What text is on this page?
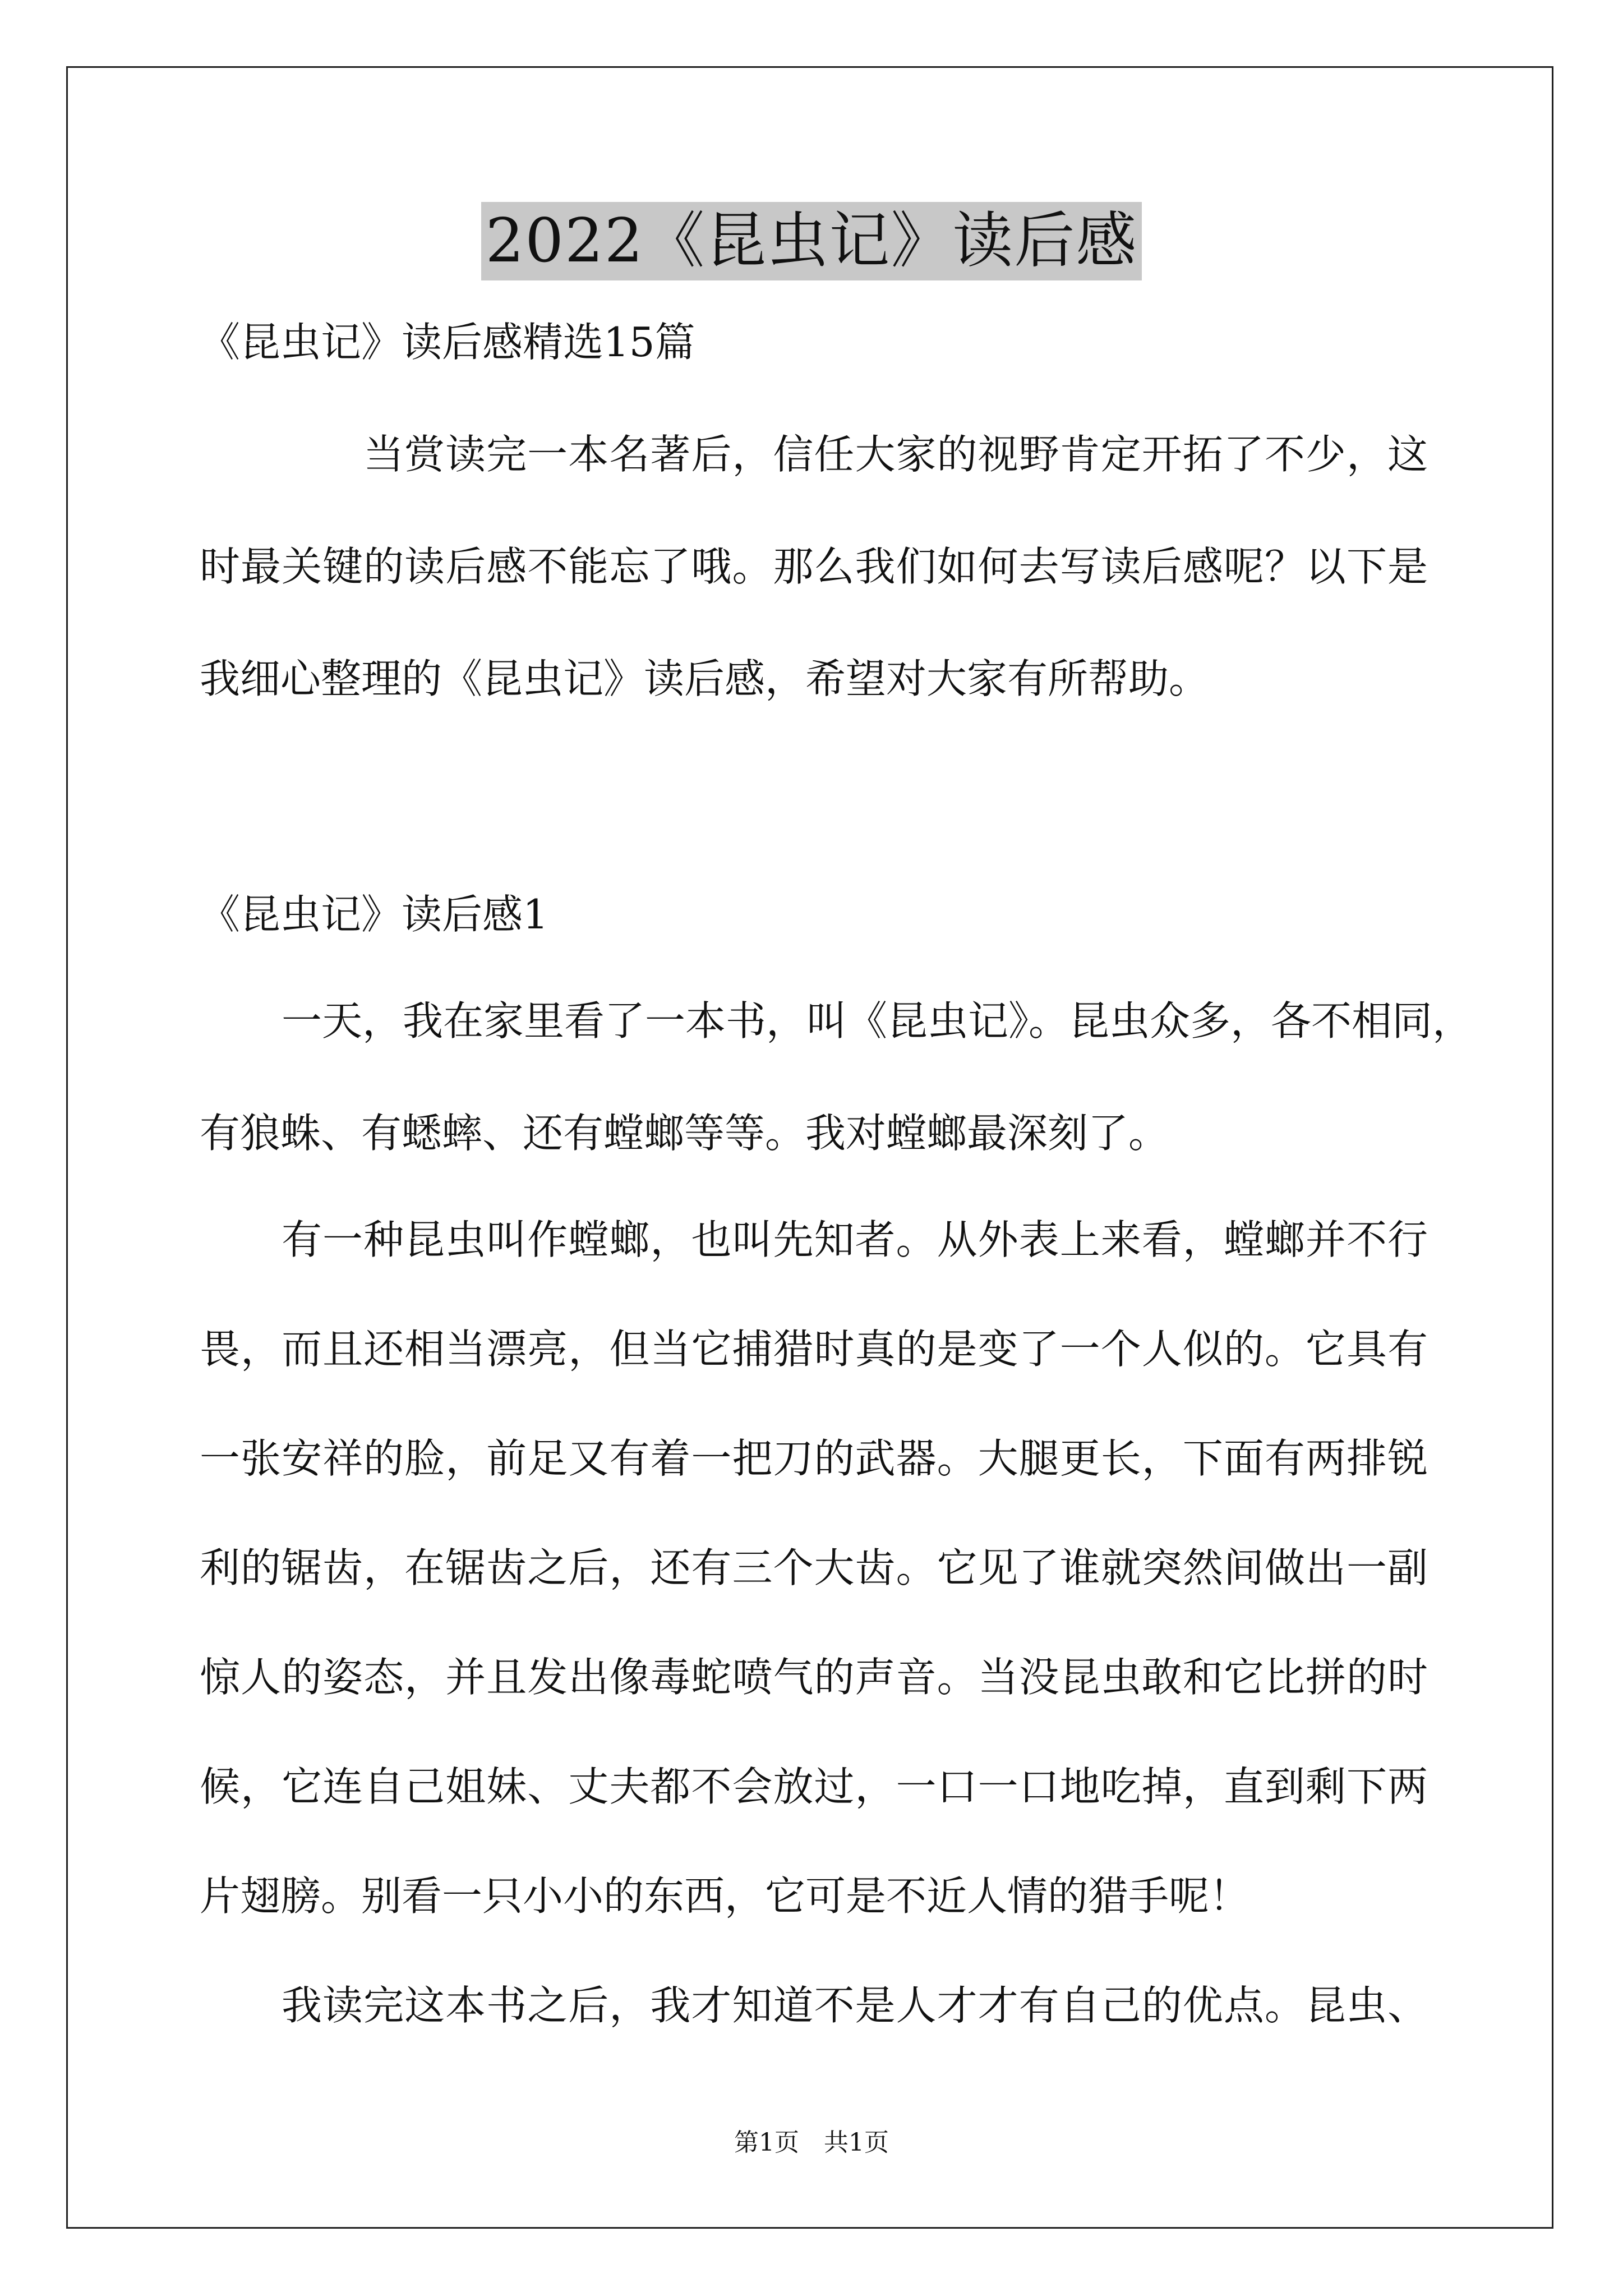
2022《昆虫记》读后感
《昆虫记》读后感精选15篇
当赏读完一本名著后，信任大家的视野肯定开拓了不少，这
时最关键的读后感不能忘了哦。那么我们如何去写读后感呢？以下是
我细心整理的《昆虫记》读后感，希望对大家有所帮助。
《昆虫记》读后感1
一天，我在家里看了一本书，叫《昆虫记》。昆虫众多，各不相同，
有狼蛛、有蟋蟀、还有螳螂等等。我对螳螂最深刻了。
有一种昆虫叫作螳螂，也叫先知者。从外表上来看，螳螂并不行
畏，而且还相当漂亮，但当它捕猎时真的是变了一个人似的。它具有
一张安祥的脸，前足又有着一把刀的武器。大腿更长，下面有两排锐
利的锯齿，在锯齿之后，还有三个大齿。它见了谁就突然间做出一副
惊人的姿态，并且发出像毒蛇喷气的声音。当没昆虫敢和它比拼的时
候，它连自己姐妹、丈夫都不会放过，一口一口地吃掉，直到剩下两
片翅膀。别看一只小小的东西，它可是不近人情的猎手呢！
我读完这本书之后，我才知道不是人才才有自己的优点。昆虫、
第1页　共1页
